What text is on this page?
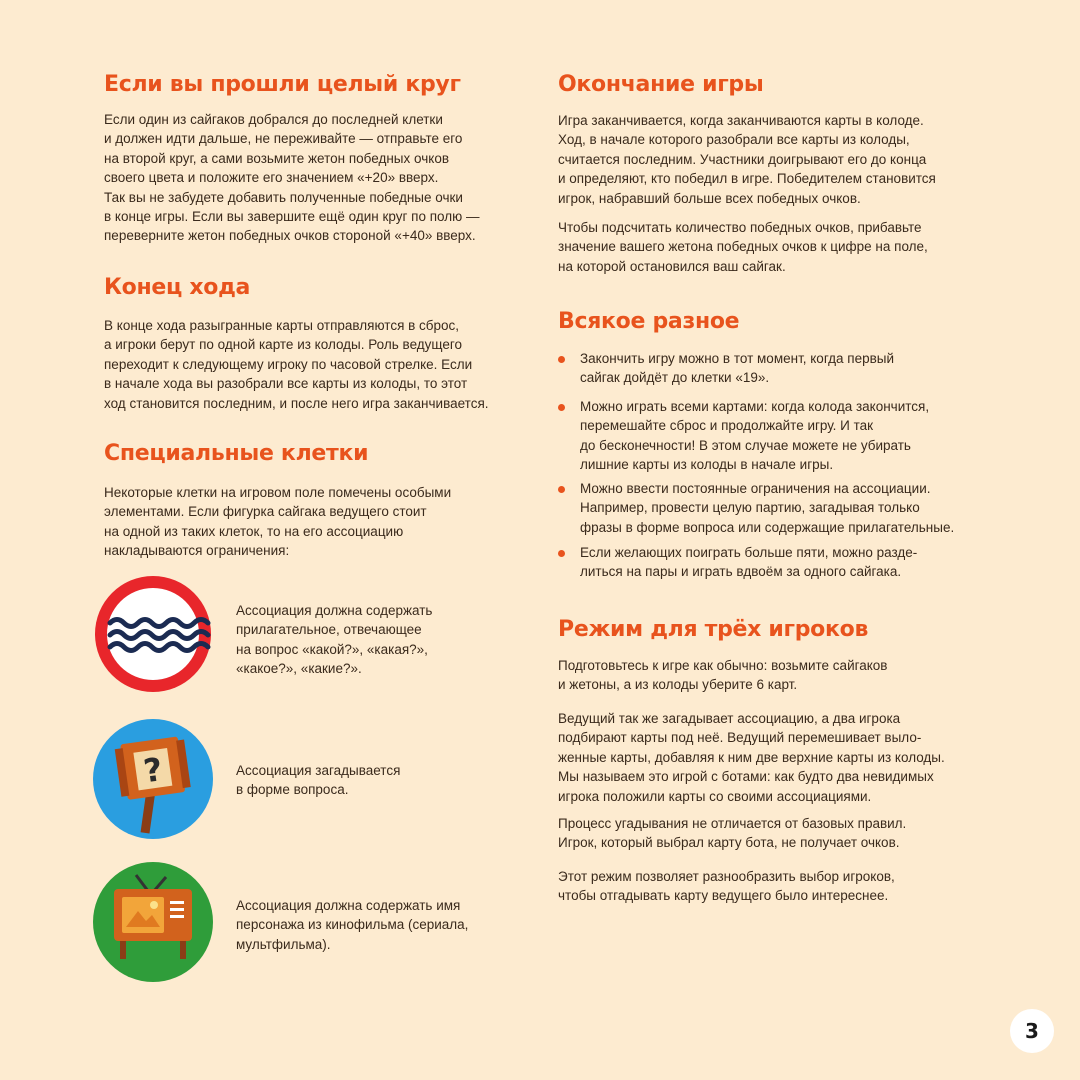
Если вы прошли целый круг

Если один из сайгаков добрался до последней клетки
и должен идти дальше, не переживайте — отправьте его
на второй круг, а сами возьмите жетон победных очков
своего цвета и положите его значением «+20» вверх.
Так вы не забудете добавить полученные победные очки
в конце игры. Если вы завершите ещё один круг по полю —
переверните жетон победных очков стороной «+40» вверх.

Конец хода

В конце хода разыгранные карты отправляются в сброс,
а игроки берут по одной карте из колоды. Роль ведущего
переходит к следующему игроку по часовой стрелке. Если
в начале хода вы разобрали все карты из колоды, то этот
ход становится последним, и после него игра заканчивается.

Специальные клетки

Некоторые клетки на игровом поле помечены особыми
элементами. Если фигурка сайгака ведущего стоит
на одной из таких клеток, то на его ассоциацию
накладываются ограничения:

Ассоциация должна содержать
прилагательное, отвечающее
на вопрос «какой?», «какая?»,
«какое?», «какие?».
?	Ассоциация загадывается
в форме вопроса.
Ассоциация должна содержать имя
персонажа из кинофильма (сериала,
мультфильма).
Окончание игры

Игра заканчивается, когда заканчиваются карты в колоде.
Ход, в начале которого разобрали все карты из колоды,
считается последним. Участники доигрывают его до конца
и определяют, кто победил в игре. Победителем становится
игрок, набравший больше всех победных очков.

Чтобы подсчитать количество победных очков, прибавьте
значение вашего жетона победных очков к цифре на поле,
на которой остановился ваш сайгак.

Всякое разное
Закончить игру можно в тот момент, когда первый
сайгак дойдёт до клетки «19».
Можно играть всеми картами: когда колода закончится,
перемешайте сброс и продолжайте игру. И так
до бесконечности! В этом случае можете не убирать
лишние карты из колоды в начале игры.
Можно ввести постоянные ограничения на ассоциации.
Например, провести целую партию, загадывая только
фразы в форме вопроса или содержащие прилагательные.
Если желающих поиграть больше пяти, можно разде-
литься на пары и играть вдвоём за одного сайгака.
Режим для трёх игроков

Подготовьтесь к игре как обычно: возьмите сайгаков
и жетоны, а из колоды уберите 6 карт.

Ведущий так же загадывает ассоциацию, а два игрока
подбирают карты под неё. Ведущий перемешивает выло-
женные карты, добавляя к ним две верхние карты из колоды.
Мы называем это игрой с ботами: как будто два невидимых
игрока положили карты со своими ассоциациями.

Процесс угадывания не отличается от базовых правил.
Игрок, который выбрал карту бота, не получает очков.

Этот режим позволяет разнообразить выбор игроков,
чтобы отгадывать карту ведущего было интереснее.

3
